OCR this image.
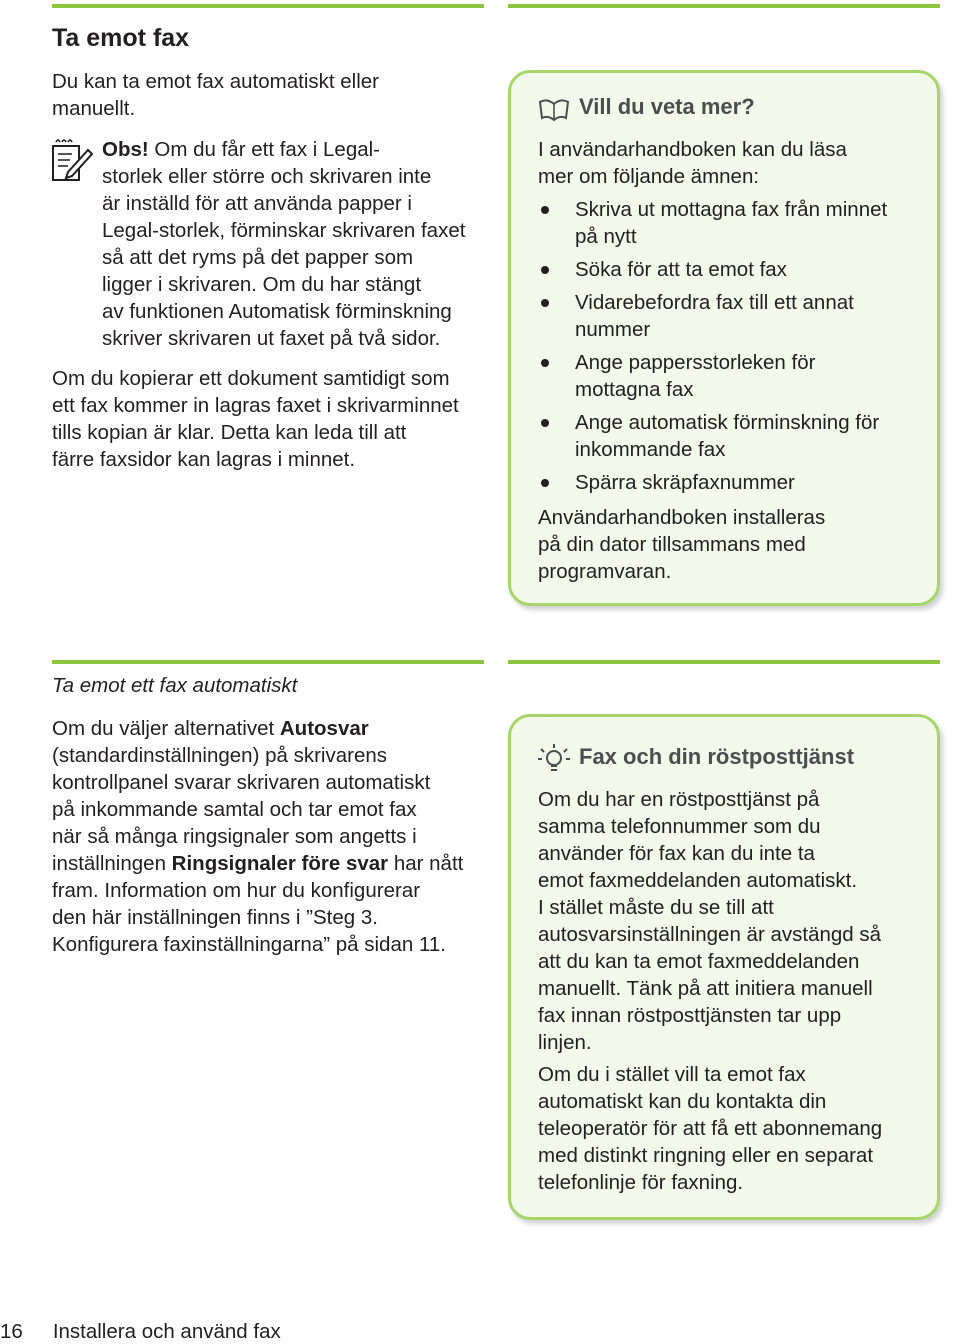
Ta emot fax
Du kan ta emot fax automatiskt eller
manuellt.
Obs! Om du får ett fax i Legal-
storlek eller större och skrivaren inte
är inställd för att använda papper i
Legal-storlek, förminskar skrivaren faxet
så att det ryms på det papper som
ligger i skrivaren. Om du har stängt
av funktionen Automatisk förminskning
skriver skrivaren ut faxet på två sidor.
Om du kopierar ett dokument samtidigt som
ett fax kommer in lagras faxet i skrivarminnet
tills kopian är klar. Detta kan leda till att
färre faxsidor kan lagras i minnet.
Vill du veta mer?
I användarhandboken kan du läsa
mer om följande ämnen:
Skriva ut mottagna fax från minnet
på nytt
Söka för att ta emot fax
Vidarebefordra fax till ett annat
nummer
Ange pappersstorleken för
mottagna fax
Ange automatisk förminskning för
inkommande fax
Spärra skräpfaxnummer
Användarhandboken installeras
på din dator tillsammans med
programvaran.
Ta emot ett fax automatiskt
Om du väljer alternativet Autosvar
(standardinställningen) på skrivarens
kontrollpanel svarar skrivaren automatiskt
på inkommande samtal och tar emot fax
när så många ringsignaler som angetts i
inställningen Ringsignaler före svar har nått
fram. Information om hur du konfigurerar
den här inställningen finns i ”Steg 3.
Konfigurera faxinställningarna” på sidan 11.
Fax och din röstposttjänst
Om du har en röstposttjänst på
samma telefonnummer som du
använder för fax kan du inte ta
emot faxmeddelanden automatiskt.
I stället måste du se till att
autosvarsinställningen är avstängd så
att du kan ta emot faxmeddelanden
manuellt. Tänk på att initiera manuell
fax innan röstposttjänsten tar upp
linjen.
Om du i stället vill ta emot fax
automatiskt kan du kontakta din
teleoperatör för att få ett abonnemang
med distinkt ringning eller en separat
telefonlinje för faxning.
16 Installera och använd fax
